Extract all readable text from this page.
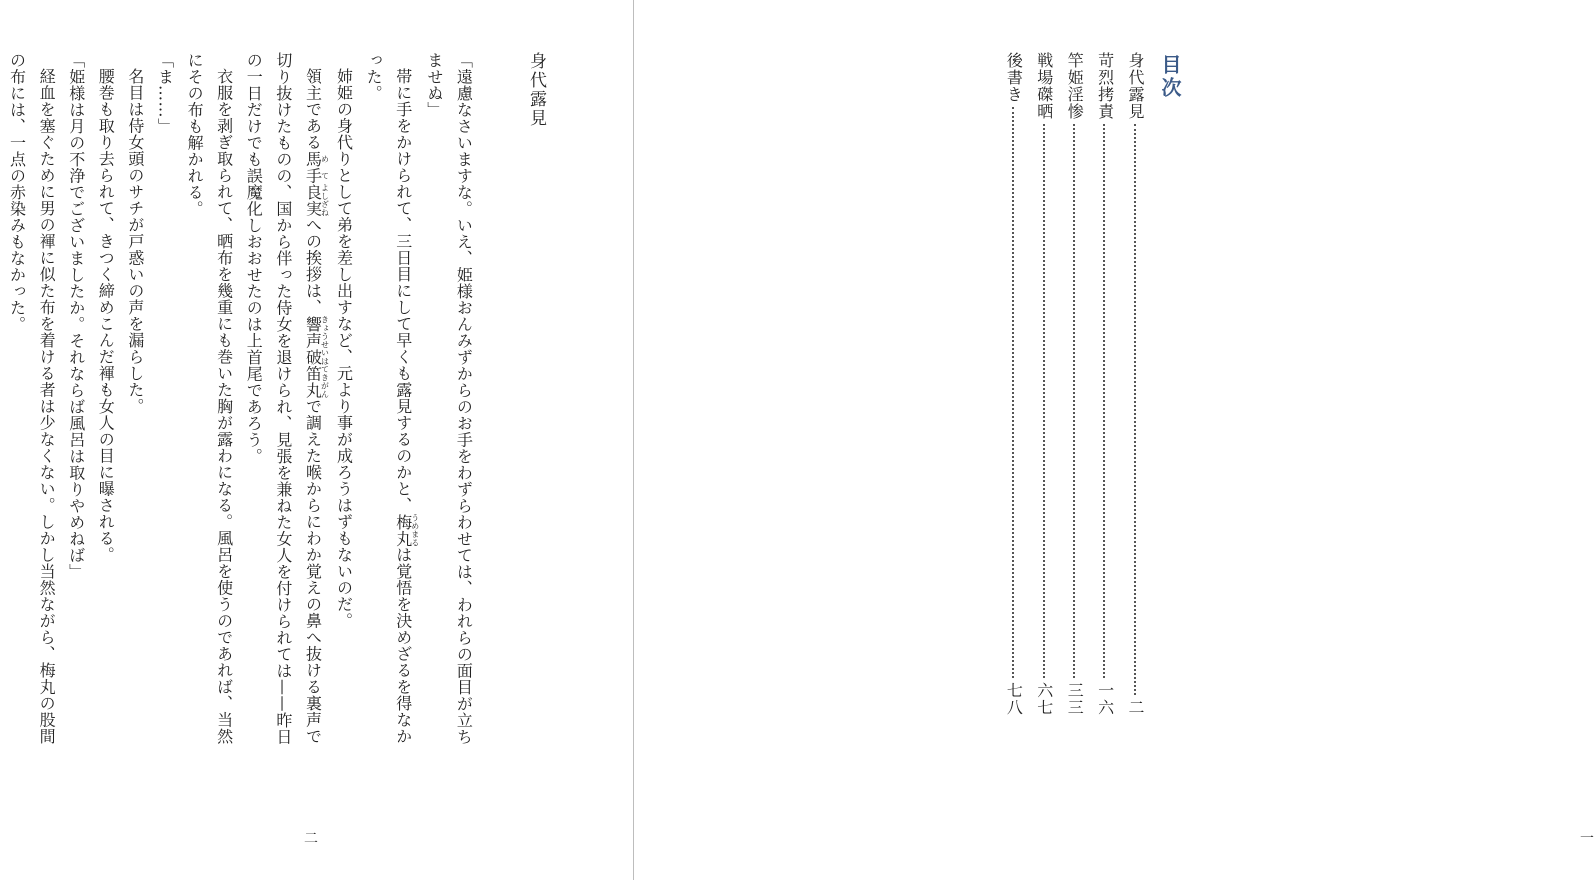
身代露見

「遠慮なさいますな。いえ、姫様おんみずからのお手をわずらわせては、われらの面目が立ちませぬ」

帯に手をかけられて、三日目にして早くも露見するのかと、梅丸うめまるは覚悟を決めざるを得なかった。

姉姫の身代りとして弟を差し出すなど、元より事が成ろうはずもないのだ。

領主である馬手めて良実よしざねへの挨拶は、響声破笛丸きょうせいはてきがんで調えた喉からにわか覚えの鼻へ抜ける裏声で切り抜けたものの、国から伴った侍女を退けられ、見張を兼ねた女人を付けられては——昨日の一日だけでも誤魔化しおおせたのは上首尾であろう。

衣服を剥ぎ取られて、晒布を幾重にも巻いた胸が露わになる。風呂を使うのであれば、当然にその布も解かれる。

「ま……」

名目は侍女頭のサチが戸惑いの声を漏らした。

腰巻も取り去られて、きつく締めこんだ褌も女人の目に曝される。

「姫様は月の不浄でございましたか。それならば風呂は取りやめねば」

経血を塞ぐために男の褌に似た布を着ける者は少なくない。しかし当然ながら、梅丸の股間の布には、一点の赤染みもなかった。

二	一
目次
身代露見
二
苛烈拷責
一六
竿姫淫惨
三三
戦場磔晒
六七
後書き
七八
